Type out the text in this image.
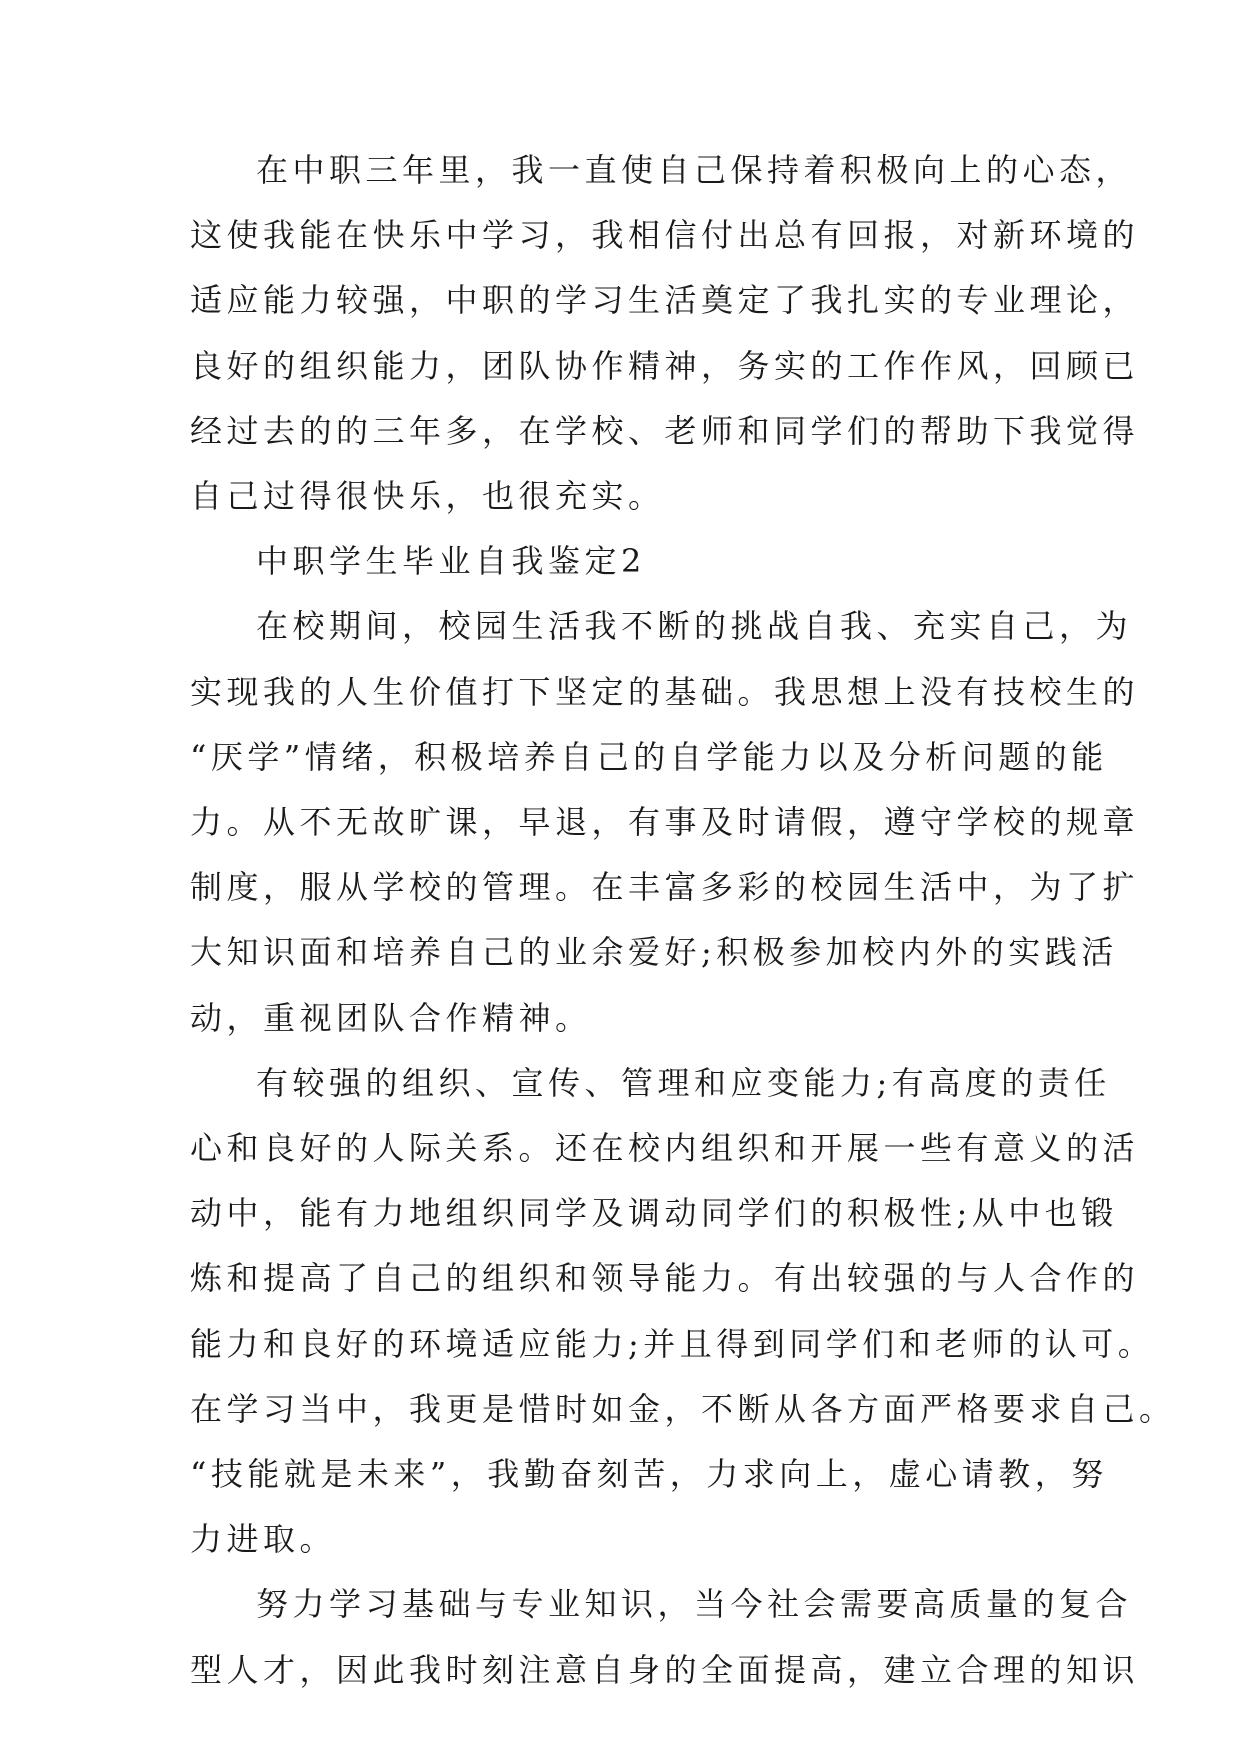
在中职三年里，我一直使自己保持着积极向上的心态，

这使我能在快乐中学习，我相信付出总有回报，对新环境的

适应能力较强，中职的学习生活奠定了我扎实的专业理论，

良好的组织能力，团队协作精神，务实的工作作风，回顾已

经过去的的三年多，在学校、老师和同学们的帮助下我觉得

自己过得很快乐，也很充实。

中职学生毕业自我鉴定2

在校期间，校园生活我不断的挑战自我、充实自己，为

实现我的人生价值打下坚定的基础。我思想上没有技校生的

“厌学”情绪，积极培养自己的自学能力以及分析问题的能

力。从不无故旷课，早退，有事及时请假，遵守学校的规章

制度，服从学校的管理。在丰富多彩的校园生活中，为了扩

大知识面和培养自己的业余爱好;积极参加校内外的实践活

动，重视团队合作精神。

有较强的组织、宣传、管理和应变能力;有高度的责任

心和良好的人际关系。还在校内组织和开展一些有意义的活

动中，能有力地组织同学及调动同学们的积极性;从中也锻

炼和提高了自己的组织和领导能力。有出较强的与人合作的

能力和良好的环境适应能力;并且得到同学们和老师的认可。

在学习当中，我更是惜时如金，不断从各方面严格要求自己。

“技能就是未来”，我勤奋刻苦，力求向上，虚心请教，努

力进取。

努力学习基础与专业知识，当今社会需要高质量的复合

型人才，因此我时刻注意自身的全面提高，建立合理的知识
